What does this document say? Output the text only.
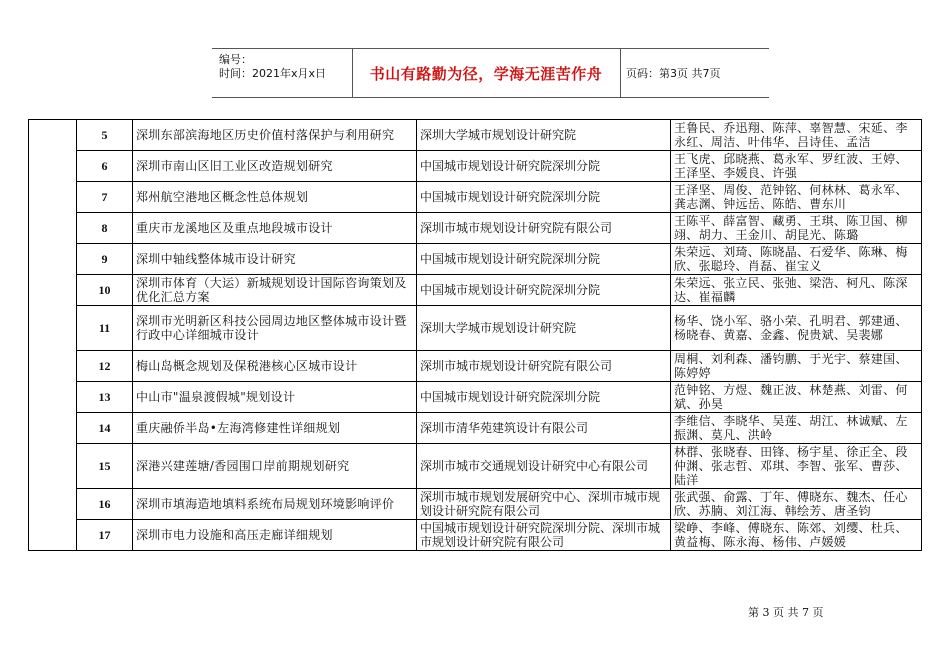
编号：
时间：2021年x月x日	书山有路勤为径，学海无涯苦作舟	页码：第3页 共7页
	5	深圳东部滨海地区历史价值村落保护与利用研究	深圳大学城市规划设计研究院	王鲁民、乔迅翔、陈萍、辜智慧、宋延、李永红、周洁、叶伟华、吕诗佳、孟洁
	6	深圳市南山区旧工业区改造规划研究	中国城市规划设计研究院深圳分院	王飞虎、邱晓燕、葛永军、罗红波、王婷、王泽坚、李媛良、许强
	7	郑州航空港地区概念性总体规划	中国城市规划设计研究院深圳分院	王泽坚、周俊、范钟铭、何林林、葛永军、龚志渊、钟远岳、陈皓、曹东川
	8	重庆市龙溪地区及重点地段城市设计	深圳市城市规划设计研究院有限公司	王陈平、薛富智、藏勇、王琪、陈卫国、柳翊、胡力、王金川、胡昆光、陈璐
	9	深圳中轴线整体城市设计研究	中国城市规划设计研究院深圳分院	朱荣远、刘琦、陈晓晶、石爱华、陈琳、梅欣、张聪玲、肖磊、崔宝义
	10	深圳市体育（大运）新城规划设计国际咨询策划及优化汇总方案	中国城市规划设计研究院深圳分院	朱荣远、张立民、张弛、梁浩、柯凡、陈深达、崔福麟
	11	深圳市光明新区科技公园周边地区整体城市设计暨行政中心详细城市设计	深圳大学城市规划设计研究院	杨华、饶小军、骆小荣、孔明君、郭建通、杨晓春、黄嘉、金鑫、倪贵斌、吴裴娜
	12	梅山岛概念规划及保税港核心区城市设计	深圳市城市规划设计研究院有限公司	周桐、刘利森、潘钧鹏、于光宇、蔡建国、陈婷婷
	13	中山市"温泉渡假城"规划设计	中国城市规划设计研究院深圳分院	范钟铭、方煜、魏正波、林楚燕、刘雷、何斌、孙昊
	14	重庆融侨半岛•左海湾修建性详细规划	深圳市清华苑建筑设计有限公司	李维信、李晓华、吴莲、胡江、林诚赋、左振渊、莫凡、洪岭
	15	深港兴建莲塘/香园围口岸前期规划研究	深圳市城市交通规划设计研究中心有限公司	林群、张晓春、田锋、杨宇星、徐正全、段仲渊、张志哲、邓琪、李智、张军、曹莎、陆洋
	16	深圳市填海造地填料系统布局规划环境影响评价	深圳市城市规划发展研究中心、深圳市城市规划设计研究院有限公司	张武强、俞露、丁年、傅晓东、魏杰、任心欣、苏腩、刘江海、韩绘芳、唐圣钧
	17	深圳市电力设施和高压走廊详细规划	中国城市规划设计研究院深圳分院、深圳市城市规划设计研究院有限公司	梁峥、李峰、傅晓东、陈郊、刘缨、杜兵、黄益梅、陈永海、杨伟、卢媛媛
第 3 页 共 7 页
